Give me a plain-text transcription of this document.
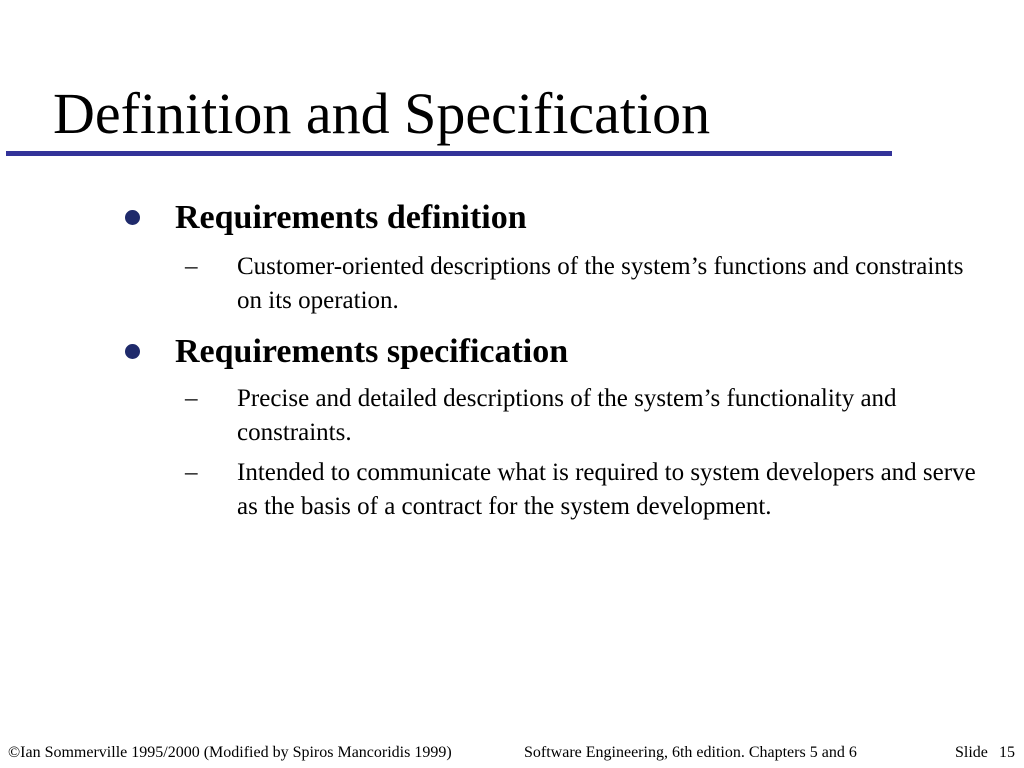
Definition and Specification
Requirements definition
– Customer-oriented descriptions of the system’s functions and constraints on its operation.
Requirements specification
– Precise and detailed descriptions of the system’s functionality and constraints.
– Intended to communicate what is required to system developers and serve as the basis of a contract for the system development.
©Ian Sommerville 1995/2000 (Modified by Spiros Mancoridis 1999)	Software Engineering, 6th edition. Chapters 5 and 6	Slide 15
